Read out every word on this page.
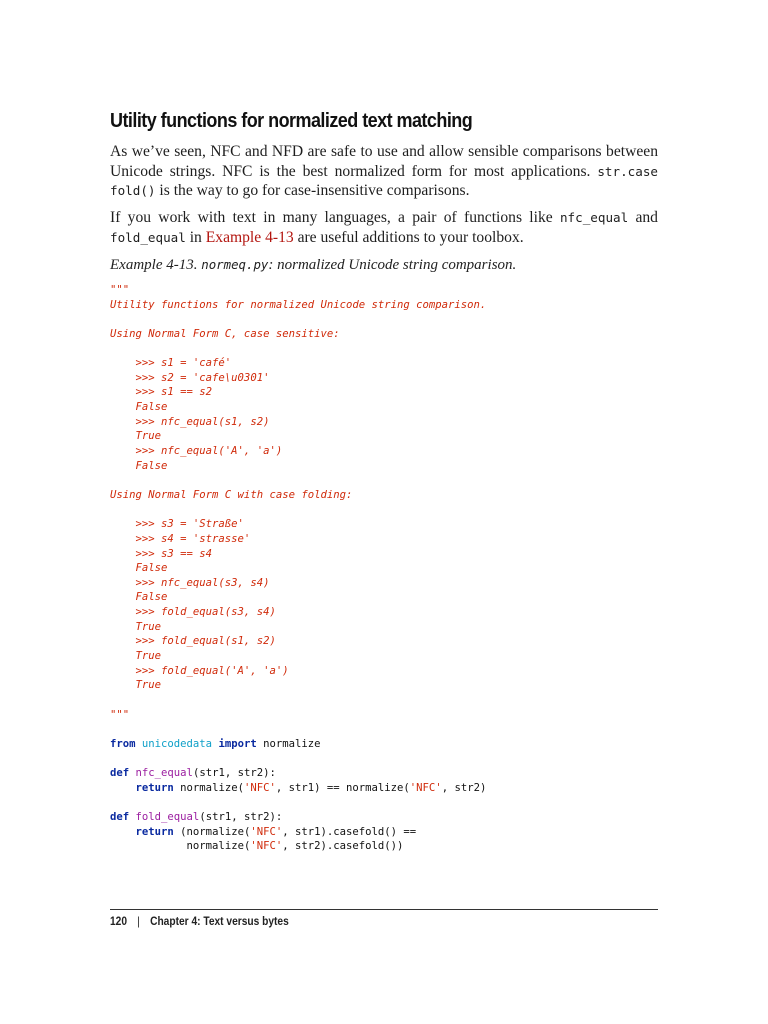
Utility functions for normalized text matching

As we’ve seen, NFC and NFD are safe to use and allow sensible comparisons between Unicode strings. NFC is the best normalized form for most applications. str.case fold() is the way to go for case-insensitive comparisons.

If you work with text in many languages, a pair of functions like nfc_equal and fold_equal in Example 4-13 are useful additions to your toolbox.

Example 4-13. normeq.py: normalized Unicode string comparison.

"""
Utility functions for normalized Unicode string comparison.
Using Normal Form C, case sensitive:
>>> s1 = 'café'
>>> s2 = 'cafe\u0301'
>>> s1 == s2
False
>>> nfc_equal(s1, s2)
True
>>> nfc_equal('A', 'a')
False
Using Normal Form C with case folding:
>>> s3 = 'Straße'
>>> s4 = 'strasse'
>>> s3 == s4
False
>>> nfc_equal(s3, s4)
False
>>> fold_equal(s3, s4)
True
>>> fold_equal(s1, s2)
True
>>> fold_equal('A', 'a')
True
"""
from unicodedata import normalize
def nfc_equal(str1, str2):
return normalize('NFC', str1) == normalize('NFC', str2)
def fold_equal(str1, str2):
return (normalize('NFC', str1).casefold() ==
normalize('NFC', str2).casefold())
120 | Chapter 4: Text versus bytes
